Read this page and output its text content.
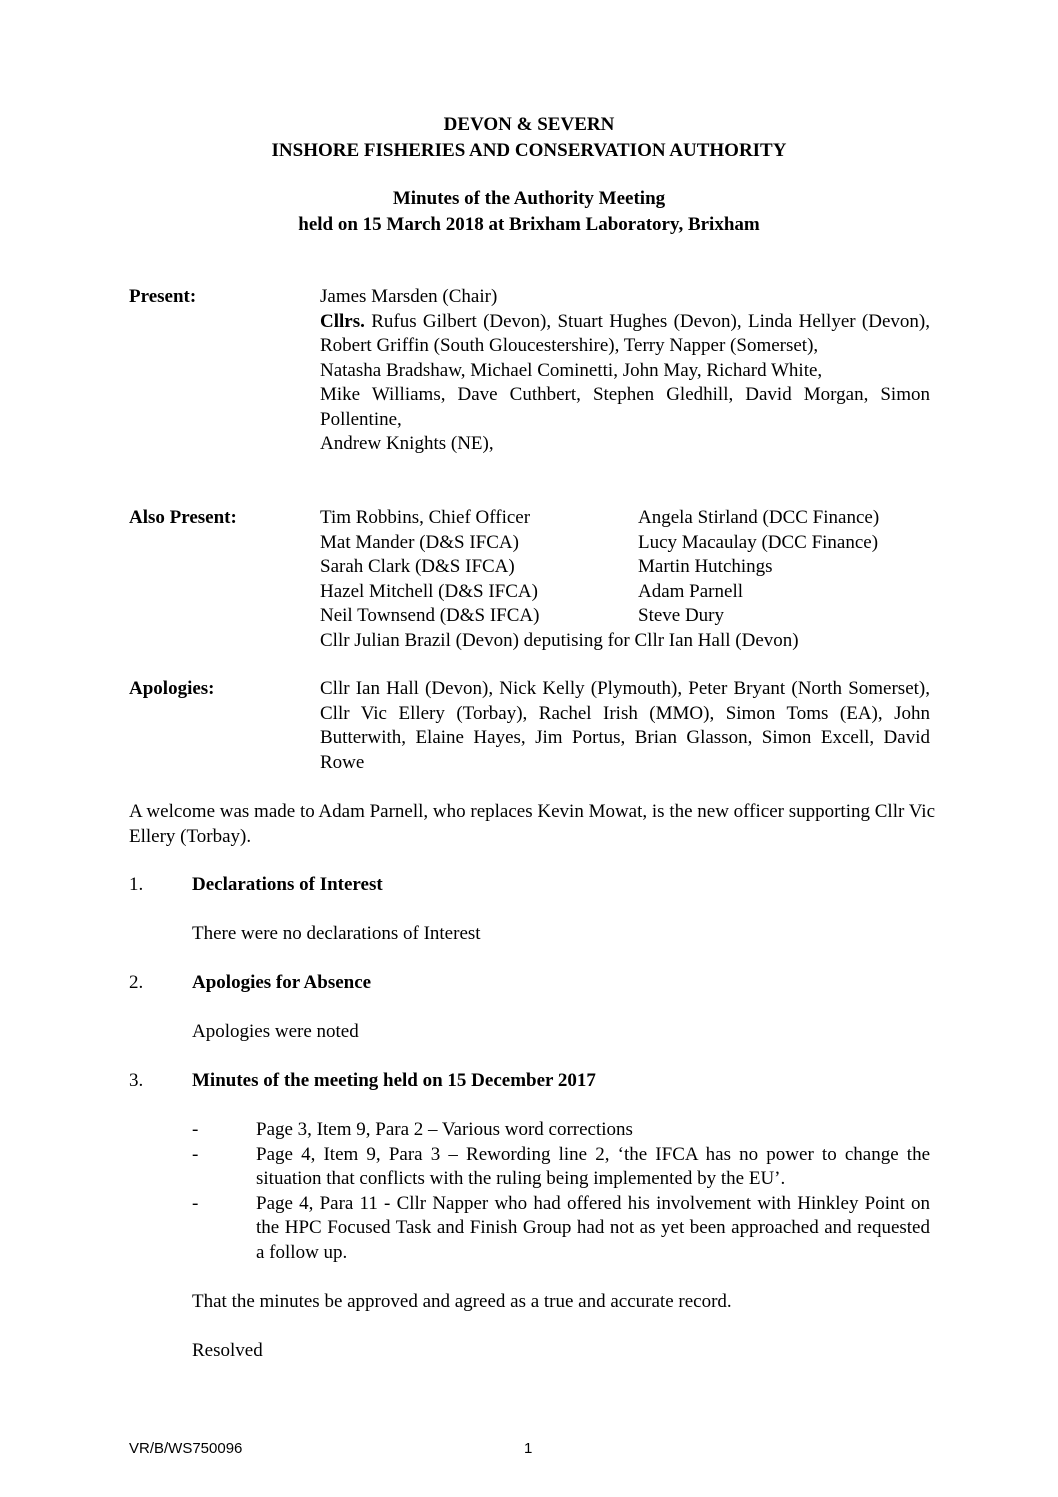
DEVON & SEVERN
INSHORE FISHERIES AND CONSERVATION AUTHORITY
Minutes of the Authority Meeting
held on 15 March 2018 at Brixham Laboratory, Brixham
Present:	James Marsden (Chair)
Cllrs. Rufus Gilbert (Devon), Stuart Hughes (Devon), Linda Hellyer (Devon), Robert Griffin (South Gloucestershire), Terry Napper (Somerset),
Natasha Bradshaw, Michael Cominetti, John May, Richard White,
Mike Williams, Dave Cuthbert, Stephen Gledhill, David Morgan, Simon Pollentine,
Andrew Knights (NE),
Also Present:	Tim Robbins, Chief Officer	Angela Stirland (DCC Finance)
Mat Mander (D&S IFCA)	Lucy Macaulay (DCC Finance)
Sarah Clark (D&S IFCA)	Martin Hutchings
Hazel Mitchell (D&S IFCA)	Adam Parnell
Neil Townsend (D&S IFCA)	Steve Dury
Cllr Julian Brazil (Devon) deputising for Cllr Ian Hall (Devon)
Apologies:	Cllr Ian Hall (Devon), Nick Kelly (Plymouth), Peter Bryant (North Somerset), Cllr Vic Ellery (Torbay), Rachel Irish (MMO), Simon Toms (EA), John Butterwith, Elaine Hayes, Jim Portus, Brian Glasson, Simon Excell, David Rowe
A welcome was made to Adam Parnell, who replaces Kevin Mowat, is the new officer supporting Cllr Vic Ellery (Torbay).
1.	Declarations of Interest
There were no declarations of Interest
2.	Apologies for Absence
Apologies were noted
3.	Minutes of the meeting held on 15 December 2017
-	Page 3, Item 9, Para 2 – Various word corrections
-	Page 4, Item 9, Para 3 – Rewording line 2, ‘the IFCA has no power to change the situation that conflicts with the ruling being implemented by the EU’.
-	Page 4, Para 11 - Cllr Napper who had offered his involvement with Hinkley Point on the HPC Focused Task and Finish Group had not as yet been approached and requested a follow up.
That the minutes be approved and agreed as a true and accurate record.
Resolved
VR/B/WS750096	1
